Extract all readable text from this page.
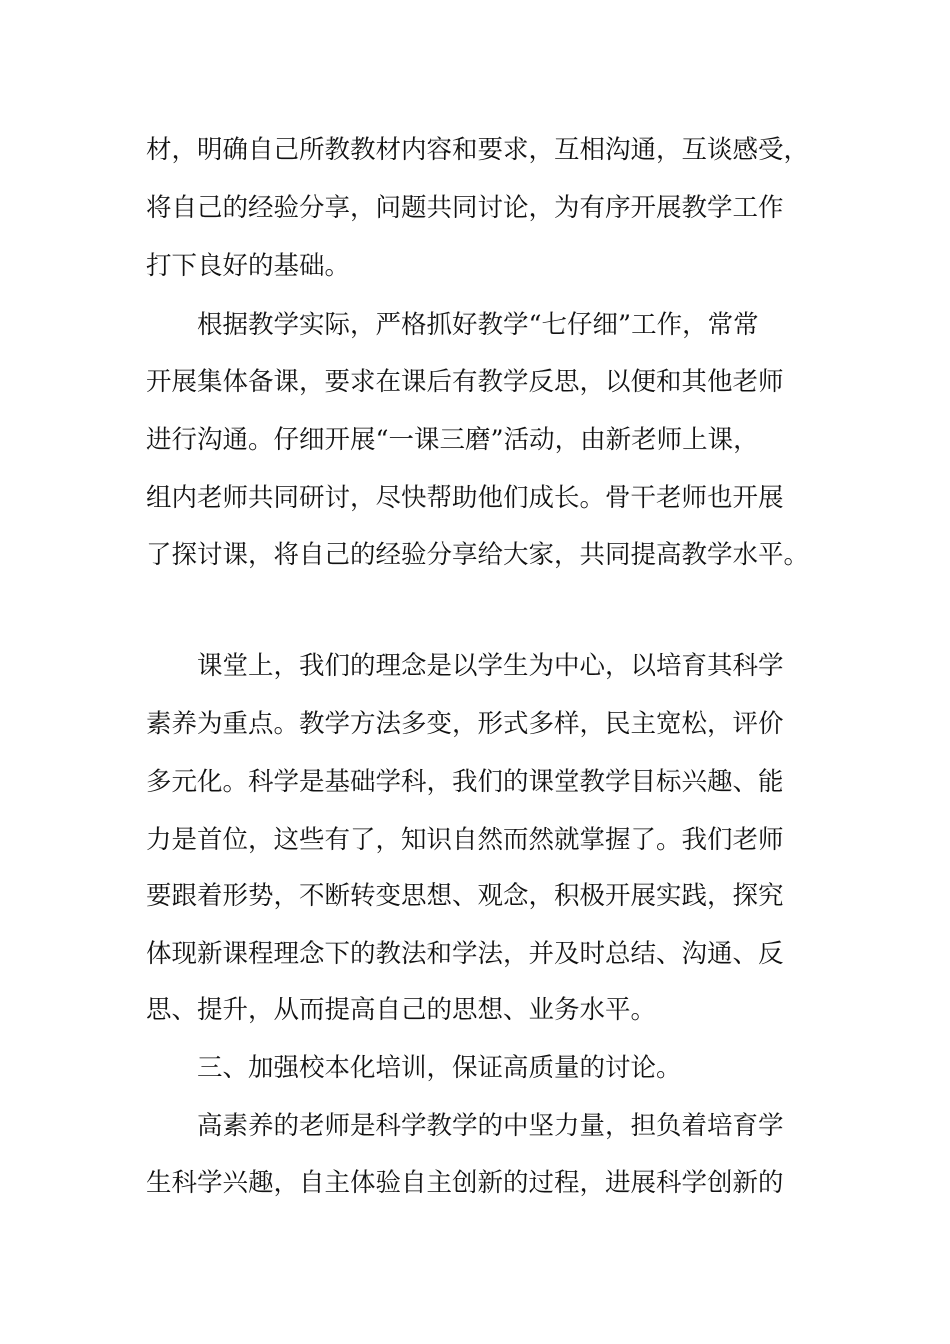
材，明确自己所教教材内容和要求，互相沟通，互谈感受，
将自己的经验分享，问题共同讨论，为有序开展教学工作
打下良好的基础。
根据教学实际，严格抓好教学“七仔细”工作，常常
开展集体备课，要求在课后有教学反思，以便和其他老师
进行沟通。仔细开展“一课三磨”活动，由新老师上课，
组内老师共同研讨，尽快帮助他们成长。骨干老师也开展
了探讨课，将自己的经验分享给大家，共同提高教学水平。
课堂上，我们的理念是以学生为中心，以培育其科学
素养为重点。教学方法多变，形式多样，民主宽松，评价
多元化。科学是基础学科，我们的课堂教学目标兴趣、能
力是首位，这些有了，知识自然而然就掌握了。我们老师
要跟着形势，不断转变思想、观念，积极开展实践，探究
体现新课程理念下的教法和学法，并及时总结、沟通、反
思、提升，从而提高自己的思想、业务水平。
三、加强校本化培训，保证高质量的讨论。
高素养的老师是科学教学的中坚力量，担负着培育学
生科学兴趣，自主体验自主创新的过程，进展科学创新的
